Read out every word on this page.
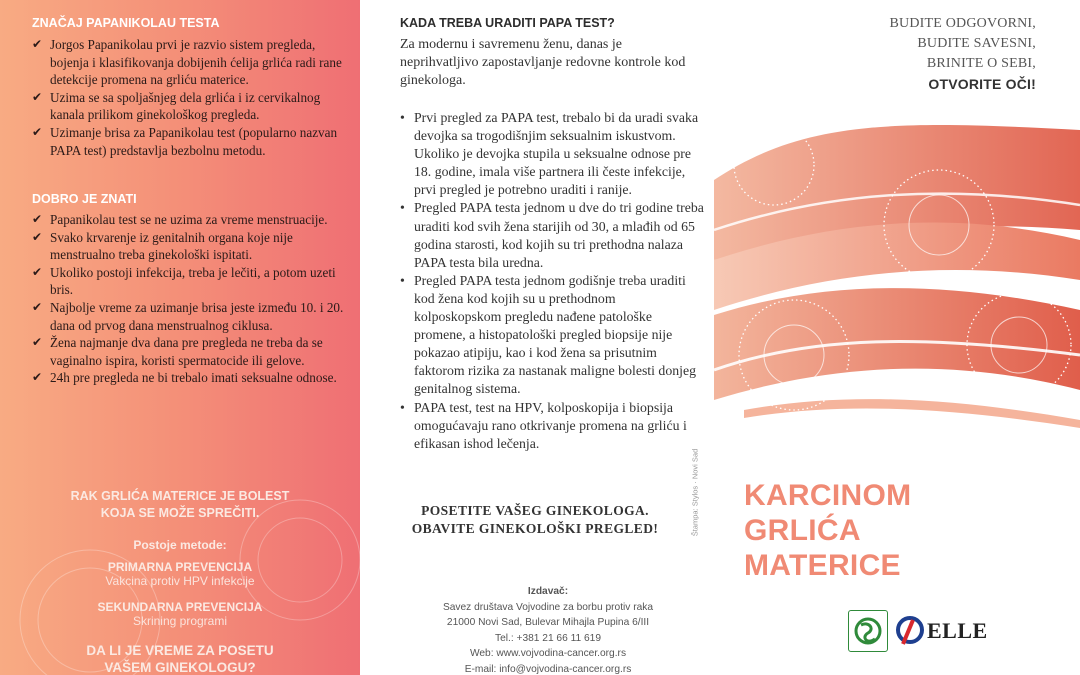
ZNAČAJ PAPANIKOLAU TESTA
✔ Jorgos Papanikolau prvi je razvio sistem pregleda, bojenja i klasifikovanja dobijenih ćelija grlića radi rane detekcije promena na grliću materice.
✔ Uzima se sa spoljašnjeg dela grlića i iz cervikalnog kanala prilikom ginekološkog pregleda.
✔ Uzimanje brisa za Papanikolau test (popularno nazvan PAPA test) predstavlja bezbolnu metodu.
DOBRO JE ZNATI
✔ Papanikolau test se ne uzima za vreme menstruacije.
✔ Svako krvarenje iz genitalnih organa koje nije menstrualno treba ginekološki ispitati.
✔ Ukoliko postoji infekcija, treba je lečiti, a potom uzeti bris.
✔ Najbolje vreme za uzimanje brisa jeste između 10. i 20. dana od prvog dana menstrualnog ciklusa.
✔ Žena najmanje dva dana pre pregleda ne treba da se vaginalno ispira, koristi spermatocide ili gelove.
✔ 24h pre pregleda ne bi trebalo imati seksualne odnose.
RAK GRLIĆA MATERICE JE BOLEST
KOJA SE MOŽE SPREČITI.
Postoje metode:
PRIMARNA PREVENCIJA
Vakcina protiv HPV infekcije
SEKUNDARNA PREVENCIJA
Skrining programi
DA LI JE VREME ZA POSETU
VAŠEM GINEKOLOGU?
KADA TREBA URADITI PAPA TEST?
Za modernu i savremenu ženu, danas je neprihvatljivo zapostavljanje redovne kontrole kod ginekologa.
• Prvi pregled za PAPA test, trebalo bi da uradi svaka devojka sa trogodišnjim seksualnim iskustvom. Ukoliko je devojka stupila u seksualne odnose pre 18. godine, imala više partnera ili česte infekcije, prvi pregled je potrebno uraditi i ranije.
• Pregled PAPA testa jednom u dve do tri godine treba uraditi kod svih žena starijih od 30, a mlađih od 65 godina starosti, kod kojih su tri prethodna nalaza PAPA testa bila uredna.
• Pregled PAPA testa jednom godišnje treba uraditi kod žena kod kojih su u prethodnom kolposkopskom pregledu nađene patološke promene, a histopatološki pregled biopsije nije pokazao atipiju, kao i kod žena sa prisutnim faktorom rizika za nastanak maligne bolesti donjeg genitalnog sistema.
• PAPA test, test na HPV, kolposkopija i biopsija omogućavaju rano otkrivanje promena na grliću i efikasan ishod lečenja.
POSETITE VAŠEG GINEKOLOGA.
OBAVITE GINEKOLOŠKI PREGLED!	Štampa: Stylos · Novi Sad
Izdavač:
Savez društava Vojvodine za borbu protiv raka
21000 Novi Sad, Bulevar Mihajla Pupina 6/III
Tel.: +381 21 66 11 619
Web: www.vojvodina-cancer.org.rs
E-mail: info@vojvodina-cancer.org.rs
BUDITE ODGOVORNI,
BUDITE SAVESNI,
BRINITE O SEBI,
OTVORITE OČI!
KARCINOM
GRLIĆA
MATERICE
ELLE
